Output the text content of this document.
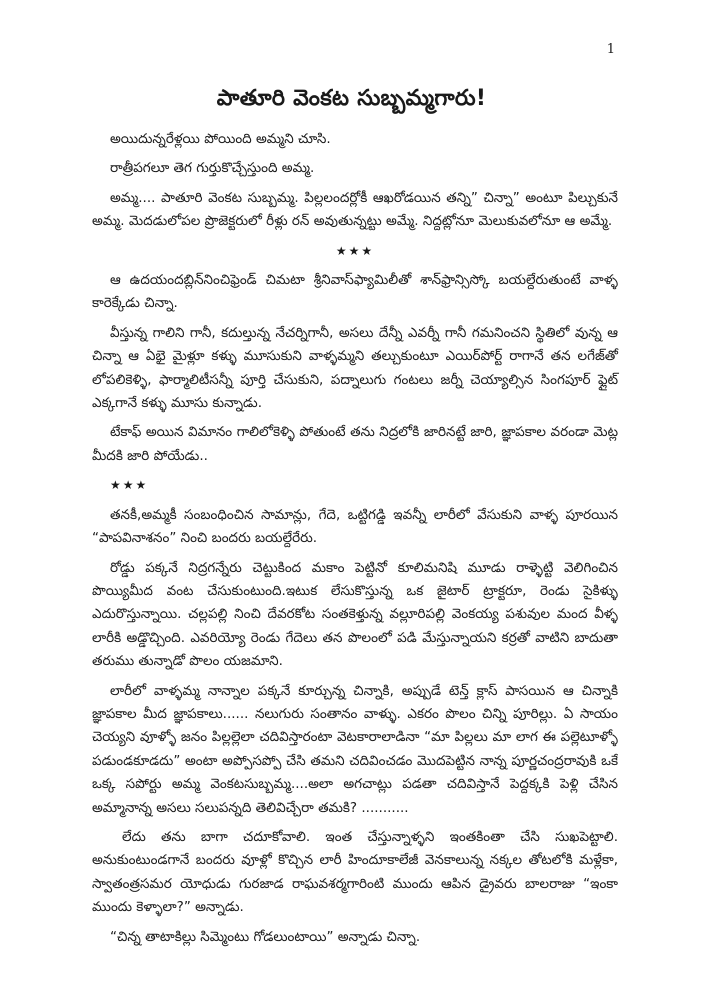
1
పాతూరి వెంకట సుబ్బమ్మగారు!

అయిదున్నరేళ్లయి పోయింది అమ్మని చూసి.

రాత్రీపగలూ తెగ గుర్తుకొచ్చేస్తుంది అమ్మ.

అమ్మ.... పాతూరి వెంకట సుబ్బమ్మ. పిల్లలందర్లోకీ ఆఖరోడయిన తన్ని” చిన్నా” అంటూ పిల్చుకునే అమ్మ. మెదడులోపల ప్రొజెక్టరులో రీళ్లు రన్ అవుతున్నట్టు అమ్మే. నిద్దట్లోనూ మెలుకువలోనూ ఆ అమ్మే.

★★★

ఆ ఉదయందబ్లిన్‌నించిఫ్రెండ్ చిమటా శ్రీనివాస్‌ఫ్యామిలీతో శాన్‌ఫ్రాన్సిస్కో బయల్దేరుతుంటే వాళ్ళ కారెక్కేడు చిన్నా.

వీస్తున్న గాలిని గానీ, కదుల్తున్న నేచర్నిగానీ, అసలు దేన్నీ ఎవర్నీ గానీ గమనించని స్థితిలో వున్న ఆ చిన్నా ఆ ఏభై మైళ్లూ కళ్ళు మూసుకుని వాళ్ళమ్మని తల్చుకుంటూ ఎయిర్‌పోర్ట్ రాగానే తన లగేజ్‌తో లోపలికెళ్ళి, ఫార్మాలిటీసన్నీ పూర్తి చేసుకుని, పద్నాలుగు గంటలు జర్నీ చెయ్యాల్సిన సింగపూర్ ఫ్లైట్ ఎక్కగానే కళ్ళు మూసు కున్నాడు.

టేకాఫ్ అయిన విమానం గాలిలోకెళ్ళి పోతుంటే తను నిద్రలోకి జారినట్టే జారి, జ్ఞాపకాల వరండా మెట్ల మీదకి జారి పోయేడు..

★★★

తనకీ,అమ్మకీ సంబంధించిన సామాన్లు, గేదె, ఒట్టిగడ్డి ఇవన్నీ లారీలో వేసుకుని వాళ్ళ పూరయిన “పాపవినాశనం” నించి బందరు బయల్దేరేరు.

రోడ్డు పక్కనే నిద్రగన్నేరు చెట్టుకింద మకాం పెట్టినో కూలిమనిషి మూడు రాళ్ళెట్టి వెలిగించిన పొయ్యిమీద వంట చేసుకుంటుంది.ఇటుక లేసుకొస్తున్న ఒక జైటార్ ట్రాక్టరూ, రెండు సైకిళ్ళు ఎదురొస్తున్నాయి. చల్లపల్లి నించి దేవరకోట సంతకెళ్తున్న వల్లూరిపల్లి వెంకయ్య పశువుల మంద వీళ్ళ లారీకి అడ్డొచ్చింది. ఎవరియ్యో రెండు గేదెలు తన పొలంలో పడి మేస్తున్నాయని కర్రతో వాటిని బాదుతా తరుము తున్నాడో పొలం యజమాని.

లారీలో వాళ్ళమ్మ నాన్నాల పక్కనే కూర్చున్న చిన్నాకి, అప్పుడే టెన్త్ క్లాస్ పాసయిన ఆ చిన్నాకి జ్ఞాపకాల మీద జ్ఞాపకాలు...... నలుగురు సంతానం వాళ్ళు. ఎకరం పొలం చిన్ని పూరిల్లు. ఏ సాయం చెయ్యని వూళ్ళో జనం పిల్లల్లెలా చదివిస్తారంటా వెటకారాలాడినా “మా పిల్లలు మా లాగ ఈ పల్లెటూళ్ళో పడుండకూడదు” అంటా అప్పోసప్పో చేసి తమని చదివించడం మొదపెట్టిన నాన్న పూర్ణచంద్రరావుకి ఒకే ఒక్క సపోర్టు అమ్మ వెంకటసుబ్బమ్మ....అలా అగచాట్లు పడతా చదివిస్తానే పెద్దక్కకి పెళ్లి చేసిన అమ్మానాన్న అసలు సలుపన్నది తెలివిచ్చేరా తమకి? ...........

లేదు తను బాగా చదూకోవాలి. ఇంత చేస్తున్నాళ్ళని ఇంతకింతా చేసి సుఖపెట్టాలి. అనుకుంటుండగానే బందరు వూళ్లో కొచ్చిన లారీ హిందూకాలేజీ వెనకాలున్న నక్కల తోటలోకి మళ్లేకా, స్వాతంత్రసమర యోధుడు గురజాడ రాఘవశర్మగారింటి ముందు ఆపిన డ్రైవరు బాలరాజు “ఇంకా ముందు కెళ్ళాలా?” అన్నాడు.

“చిన్న తాటాకిల్లు సిమ్మెంటు గోడలుంటాయి” అన్నాడు చిన్నా.
